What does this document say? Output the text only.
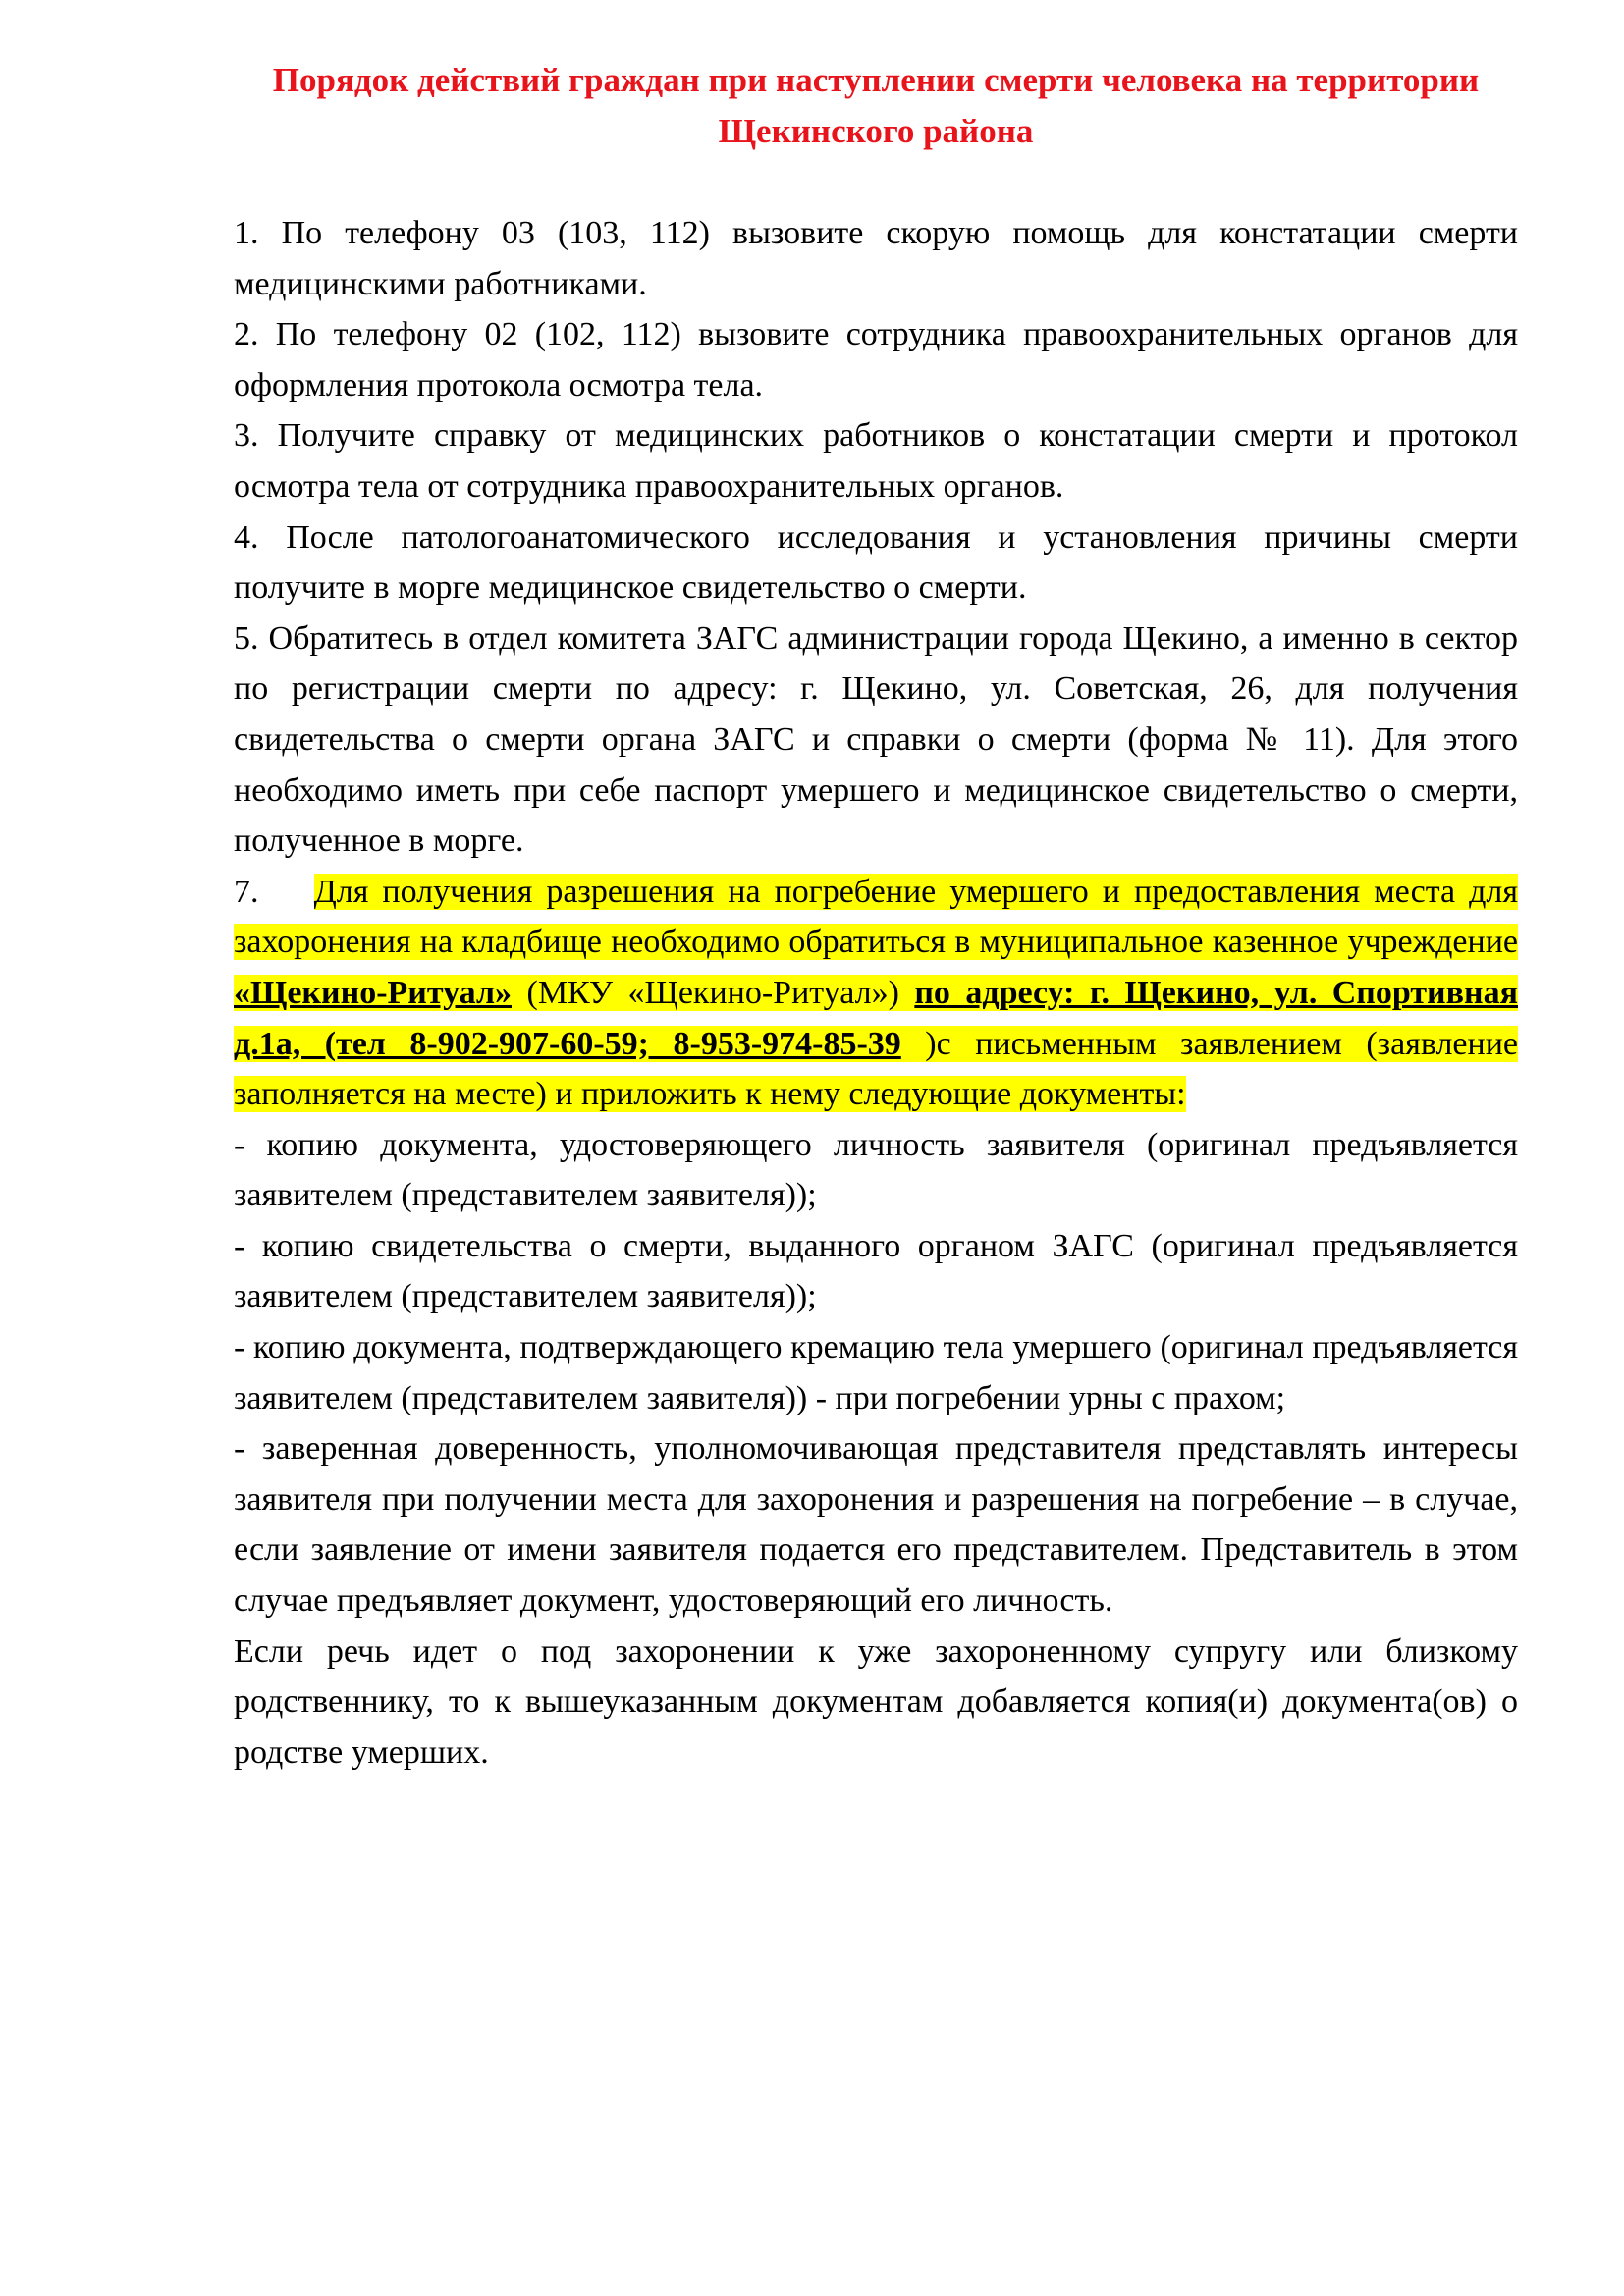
Порядок действий граждан при наступлении смерти человека на территории Щекинского района

1. По телефону 03 (103, 112) вызовите скорую помощь для констатации смерти медицинскими работниками.

2. По телефону 02 (102, 112) вызовите сотрудника правоохранительных органов для оформления протокола осмотра тела.

3. Получите справку от медицинских работников о констатации смерти и протокол осмотра тела от сотрудника правоохранительных органов.

4. После патологоанатомического исследования и установления причины смерти получите в морге медицинское свидетельство о смерти.

5. Обратитесь в отдел комитета ЗАГС администрации города Щекино, а именно в сектор по регистрации смерти по адресу: г. Щекино, ул. Советская, 26, для получения свидетельства о смерти органа ЗАГС и справки о смерти (форма № 11). Для этого необходимо иметь при себе паспорт умершего и медицинское свидетельство о смерти, полученное в морге.

7. Для получения разрешения на погребение умершего и предоставления места для захоронения на кладбище необходимо обратиться в муниципальное казенное учреждение «Щекино-Ритуал» (МКУ «Щекино-Ритуал») по адресу: г. Щекино, ул. Спортивная д.1а, (тел 8-902-907-60-59; 8-953-974-85-39 )с письменным заявлением (заявление заполняется на месте) и приложить к нему следующие документы:

- копию документа, удостоверяющего личность заявителя (оригинал предъявляется заявителем (представителем заявителя));

- копию свидетельства о смерти, выданного органом ЗАГС (оригинал предъявляется заявителем (представителем заявителя));

- копию документа, подтверждающего кремацию тела умершего (оригинал предъявляется заявителем (представителем заявителя)) - при погребении урны с прахом;

- заверенная доверенность, уполномочивающая представителя представлять интересы заявителя при получении места для захоронения и разрешения на погребение – в случае, если заявление от имени заявителя подается его представителем. Представитель в этом случае предъявляет документ, удостоверяющий его личность.

Если речь идет о под захоронении к уже захороненному супругу или близкому родственнику, то к вышеуказанным документам добавляется копия(и) документа(ов) о родстве умерших.
